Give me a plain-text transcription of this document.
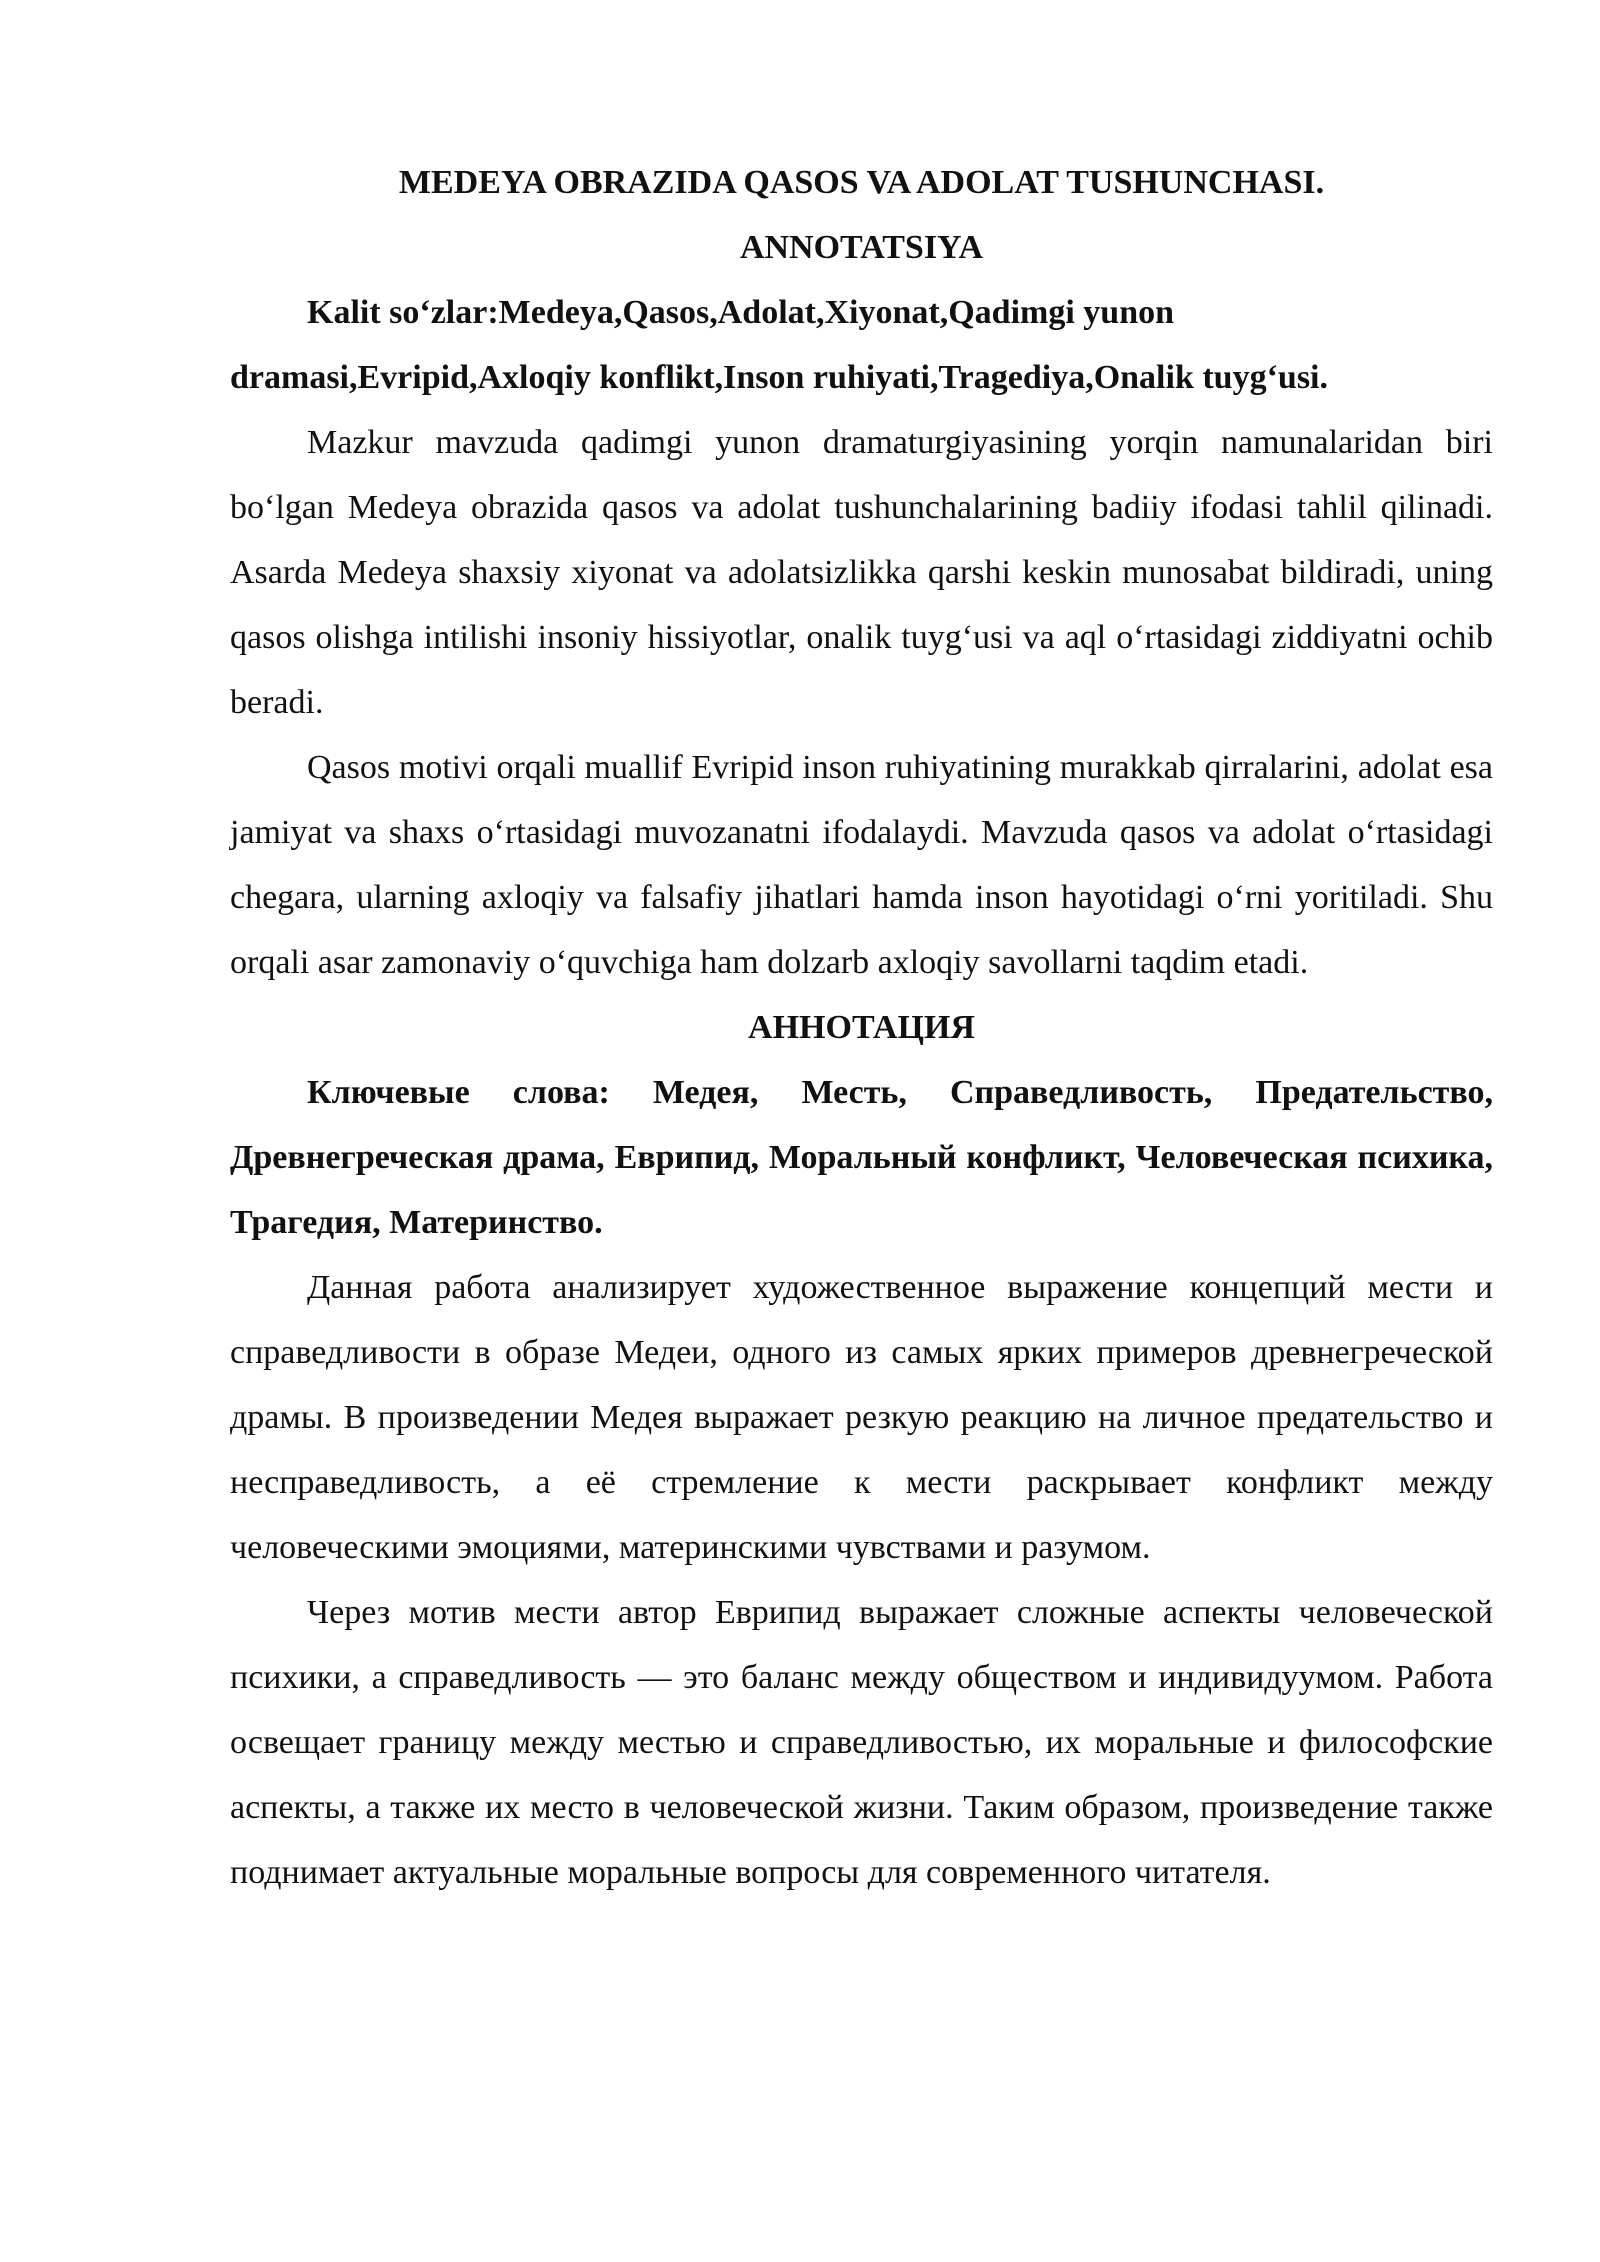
MEDEYA OBRAZIDA QASOS VA ADOLAT TUSHUNCHASI.

ANNOTATSIYA

Kalit so‘zlar:Medeya,Qasos,Adolat,Xiyonat,Qadimgi yunon dramasi,Evripid,Axloqiy konflikt,Inson ruhiyati,Tragediya,Onalik tuyg‘usi.

Mazkur mavzuda qadimgi yunon dramaturgiyasining yorqin namunalaridan biri bo‘lgan Medeya obrazida qasos va adolat tushunchalarining badiiy ifodasi tahlil qilinadi. Asarda Medeya shaxsiy xiyonat va adolatsizlikka qarshi keskin munosabat bildiradi, uning qasos olishga intilishi insoniy hissiyotlar, onalik tuyg‘usi va aql o‘rtasidagi ziddiyatni ochib beradi.

Qasos motivi orqali muallif Evripid inson ruhiyatining murakkab qirralarini, adolat esa jamiyat va shaxs o‘rtasidagi muvozanatni ifodalaydi. Mavzuda qasos va adolat o‘rtasidagi chegara, ularning axloqiy va falsafiy jihatlari hamda inson hayotidagi o‘rni yoritiladi. Shu orqali asar zamonaviy o‘quvchiga ham dolzarb axloqiy savollarni taqdim etadi.

АННОТАЦИЯ

Ключевые слова: Медея, Месть, Справедливость, Предательство, Древнегреческая драма, Еврипид, Моральный конфликт, Человеческая психика, Трагедия, Материнство.

Данная работа анализирует художественное выражение концепций мести и справедливости в образе Медеи, одного из самых ярких примеров древнегреческой драмы. В произведении Медея выражает резкую реакцию на личное предательство и несправедливость, а её стремление к мести раскрывает конфликт между человеческими эмоциями, материнскими чувствами и разумом.

Через мотив мести автор Еврипид выражает сложные аспекты человеческой психики, а справедливость — это баланс между обществом и индивидуумом. Работа освещает границу между местью и справедливостью, их моральные и философские аспекты, а также их место в человеческой жизни. Таким образом, произведение также поднимает актуальные моральные вопросы для современного читателя.
